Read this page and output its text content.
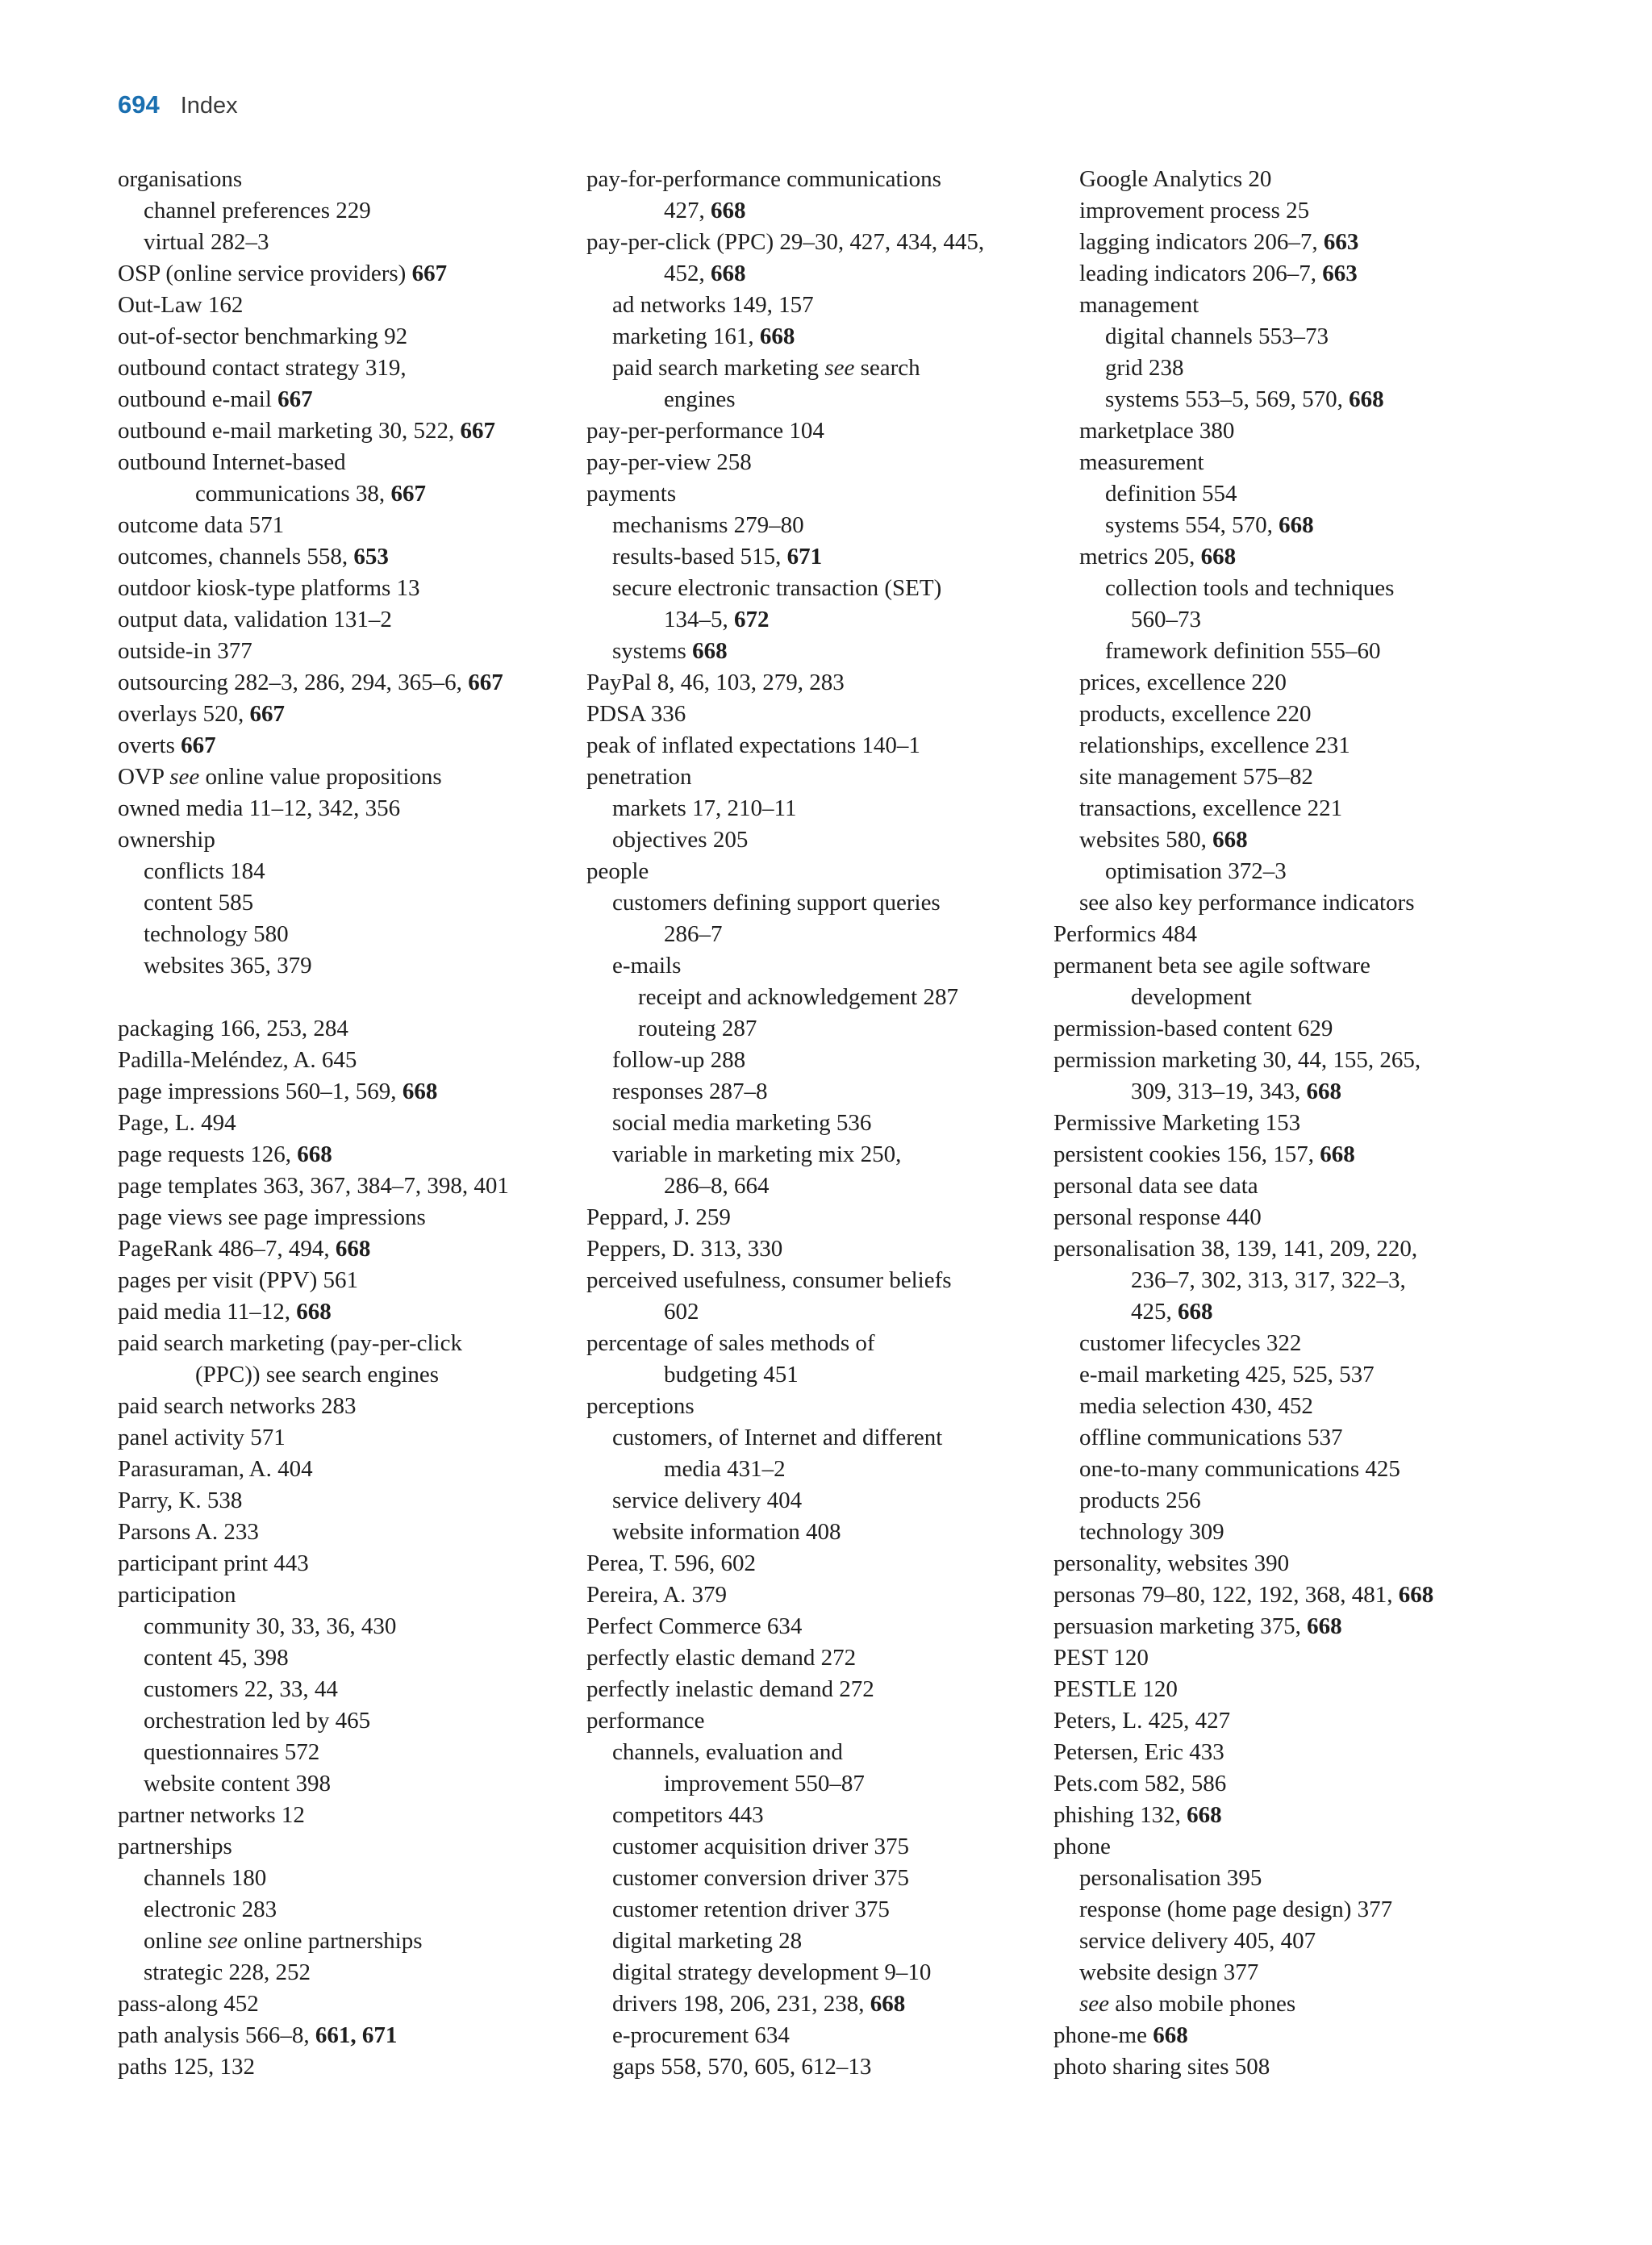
694 Index
organisations
channel preferences 229
virtual 282–3
OSP (online service providers) 667
Out-Law 162
out-of-sector benchmarking 92
outbound contact strategy 319,
outbound e-mail 667
outbound e-mail marketing 30, 522, 667
outbound Internet-based
communications 38, 667
outcome data 571
outcomes, channels 558, 653
outdoor kiosk-type platforms 13
output data, validation 131–2
outside-in 377
outsourcing 282–3, 286, 294, 365–6, 667
overlays 520, 667
overts 667
OVP see online value propositions
owned media 11–12, 342, 356
ownership
conflicts 184
content 585
technology 580
websites 365, 379
packaging 166, 253, 284
Padilla-Meléndez, A. 645
page impressions 560–1, 569, 668
Page, L. 494
page requests 126, 668
page templates 363, 367, 384–7, 398, 401
page views see page impressions
PageRank 486–7, 494, 668
pages per visit (PPV) 561
paid media 11–12, 668
paid search marketing (pay-per-click
(PPC)) see search engines
paid search networks 283
panel activity 571
Parasuraman, A. 404
Parry, K. 538
Parsons A. 233
participant print 443
participation
community 30, 33, 36, 430
content 45, 398
customers 22, 33, 44
orchestration led by 465
questionnaires 572
website content 398
partner networks 12
partnerships
channels 180
electronic 283
online see online partnerships
strategic 228, 252
pass-along 452
path analysis 566–8, 661, 671
paths 125, 132
pay-for-performance communications
427, 668
pay-per-click (PPC) 29–30, 427, 434, 445,
452, 668
ad networks 149, 157
marketing 161, 668
paid search marketing see search
engines
pay-per-performance 104
pay-per-view 258
payments
mechanisms 279–80
results-based 515, 671
secure electronic transaction (SET)
134–5, 672
systems 668
PayPal 8, 46, 103, 279, 283
PDSA 336
peak of inflated expectations 140–1
penetration
markets 17, 210–11
objectives 205
people
customers defining support queries
286–7
e-mails
receipt and acknowledgement 287
routeing 287
follow-up 288
responses 287–8
social media marketing 536
variable in marketing mix 250,
286–8, 664
Peppard, J. 259
Peppers, D. 313, 330
perceived usefulness, consumer beliefs
602
percentage of sales methods of
budgeting 451
perceptions
customers, of Internet and different
media 431–2
service delivery 404
website information 408
Perea, T. 596, 602
Pereira, A. 379
Perfect Commerce 634
perfectly elastic demand 272
perfectly inelastic demand 272
performance
channels, evaluation and
improvement 550–87
competitors 443
customer acquisition driver 375
customer conversion driver 375
customer retention driver 375
digital marketing 28
digital strategy development 9–10
drivers 198, 206, 231, 238, 668
e-procurement 634
gaps 558, 570, 605, 612–13
Google Analytics 20
improvement process 25
lagging indicators 206–7, 663
leading indicators 206–7, 663
management
digital channels 553–73
grid 238
systems 553–5, 569, 570, 668
marketplace 380
measurement
definition 554
systems 554, 570, 668
metrics 205, 668
collection tools and techniques
560–73
framework definition 555–60
prices, excellence 220
products, excellence 220
relationships, excellence 231
site management 575–82
transactions, excellence 221
websites 580, 668
optimisation 372–3
see also key performance indicators
Performics 484
permanent beta see agile software
development
permission-based content 629
permission marketing 30, 44, 155, 265,
309, 313–19, 343, 668
Permissive Marketing 153
persistent cookies 156, 157, 668
personal data see data
personal response 440
personalisation 38, 139, 141, 209, 220,
236–7, 302, 313, 317, 322–3,
425, 668
customer lifecycles 322
e-mail marketing 425, 525, 537
media selection 430, 452
offline communications 537
one-to-many communications 425
products 256
technology 309
personality, websites 390
personas 79–80, 122, 192, 368, 481, 668
persuasion marketing 375, 668
PEST 120
PESTLE 120
Peters, L. 425, 427
Petersen, Eric 433
Pets.com 582, 586
phishing 132, 668
phone
personalisation 395
response (home page design) 377
service delivery 405, 407
website design 377
see also mobile phones
phone-me 668
photo sharing sites 508
